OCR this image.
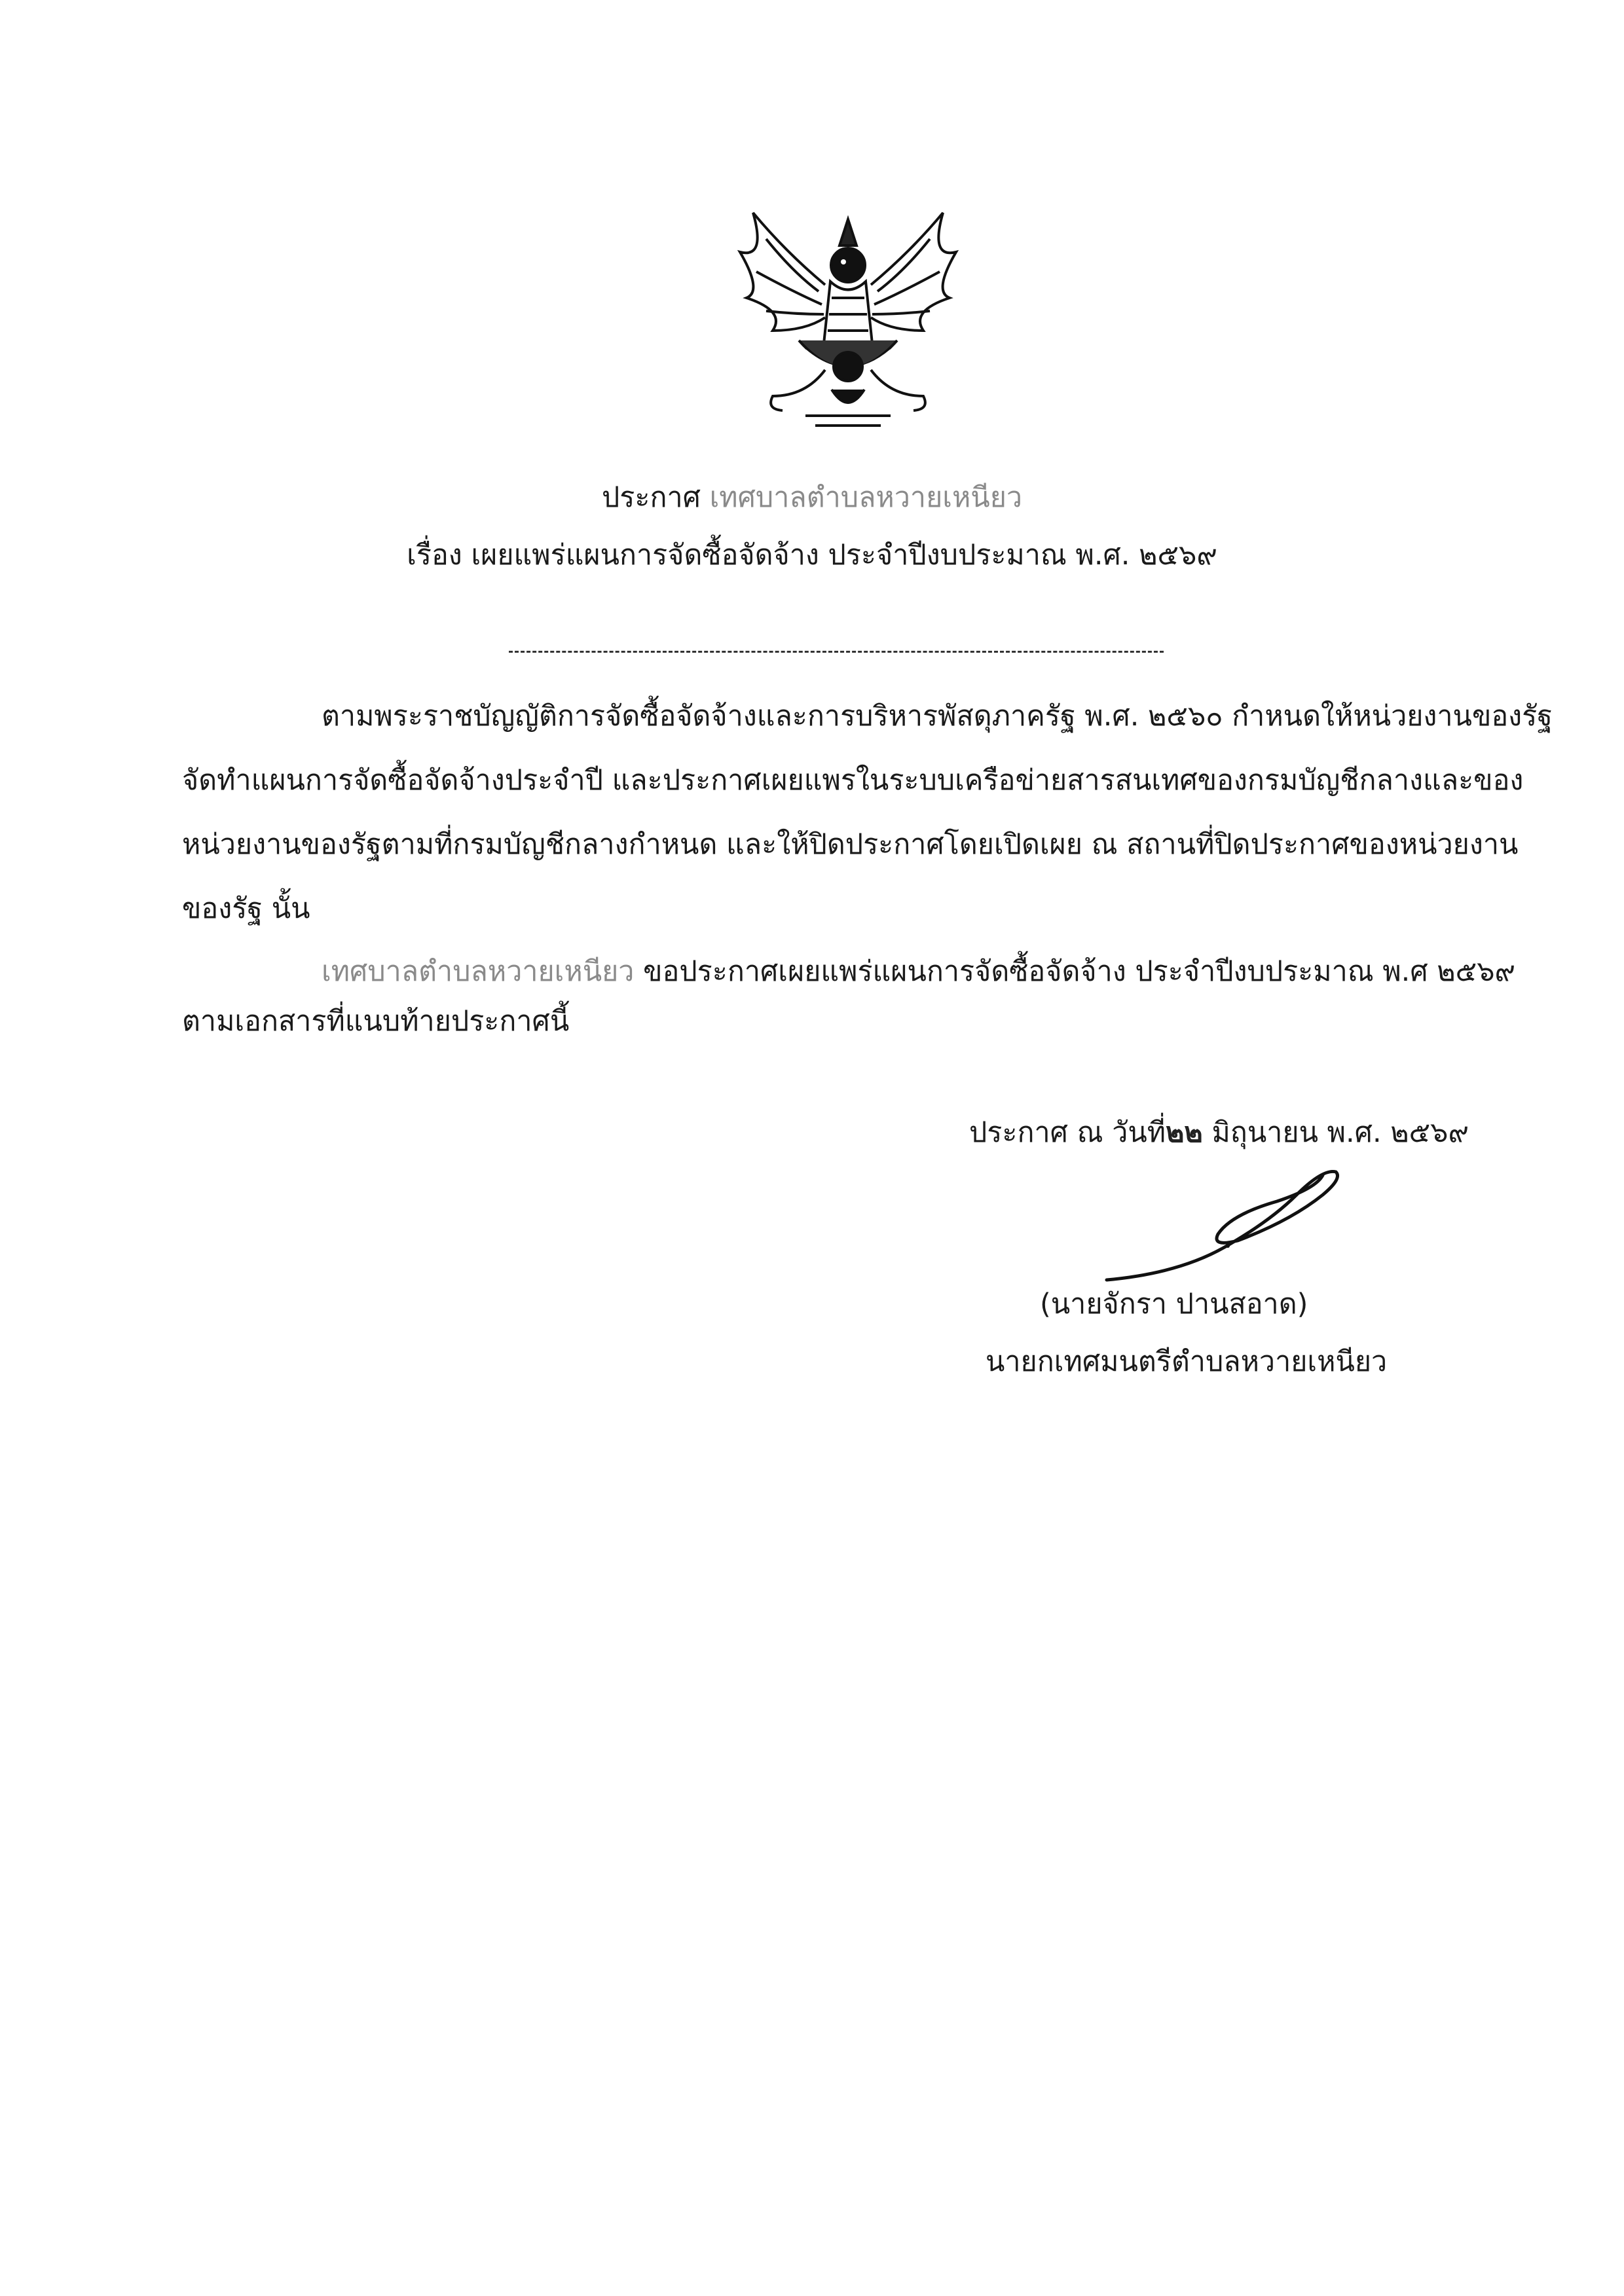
ประกาศ เทศบาลตำบลหวายเหนียว
เรื่อง เผยแพร่แผนการจัดซื้อจัดจ้าง ประจำปีงบประมาณ พ.ศ. ๒๕๖๙
ตามพระราชบัญญัติการจัดซื้อจัดจ้างและการบริหารพัสดุภาครัฐ พ.ศ. ๒๕๖๐ กำหนดให้หน่วยงานของรัฐ
จัดทำแผนการจัดซื้อจัดจ้างประจำปี และประกาศเผยแพรในระบบเครือข่ายสารสนเทศของกรมบัญชีกลางและของ
หน่วยงานของรัฐตามที่กรมบัญชีกลางกำหนด และให้ปิดประกาศโดยเปิดเผย ณ สถานที่ปิดประกาศของหน่วยงาน
ของรัฐ นั้น
เทศบาลตำบลหวายเหนียว ขอประกาศเผยแพร่แผนการจัดซื้อจัดจ้าง ประจำปีงบประมาณ พ.ศ ๒๕๖๙
ตามเอกสารที่แนบท้ายประกาศนี้
ประกาศ ณ วันที่๒๒ มิถุนายน พ.ศ. ๒๕๖๙
(นายจักรา ปานสอาด)
นายกเทศมนตรีตำบลหวายเหนียว
